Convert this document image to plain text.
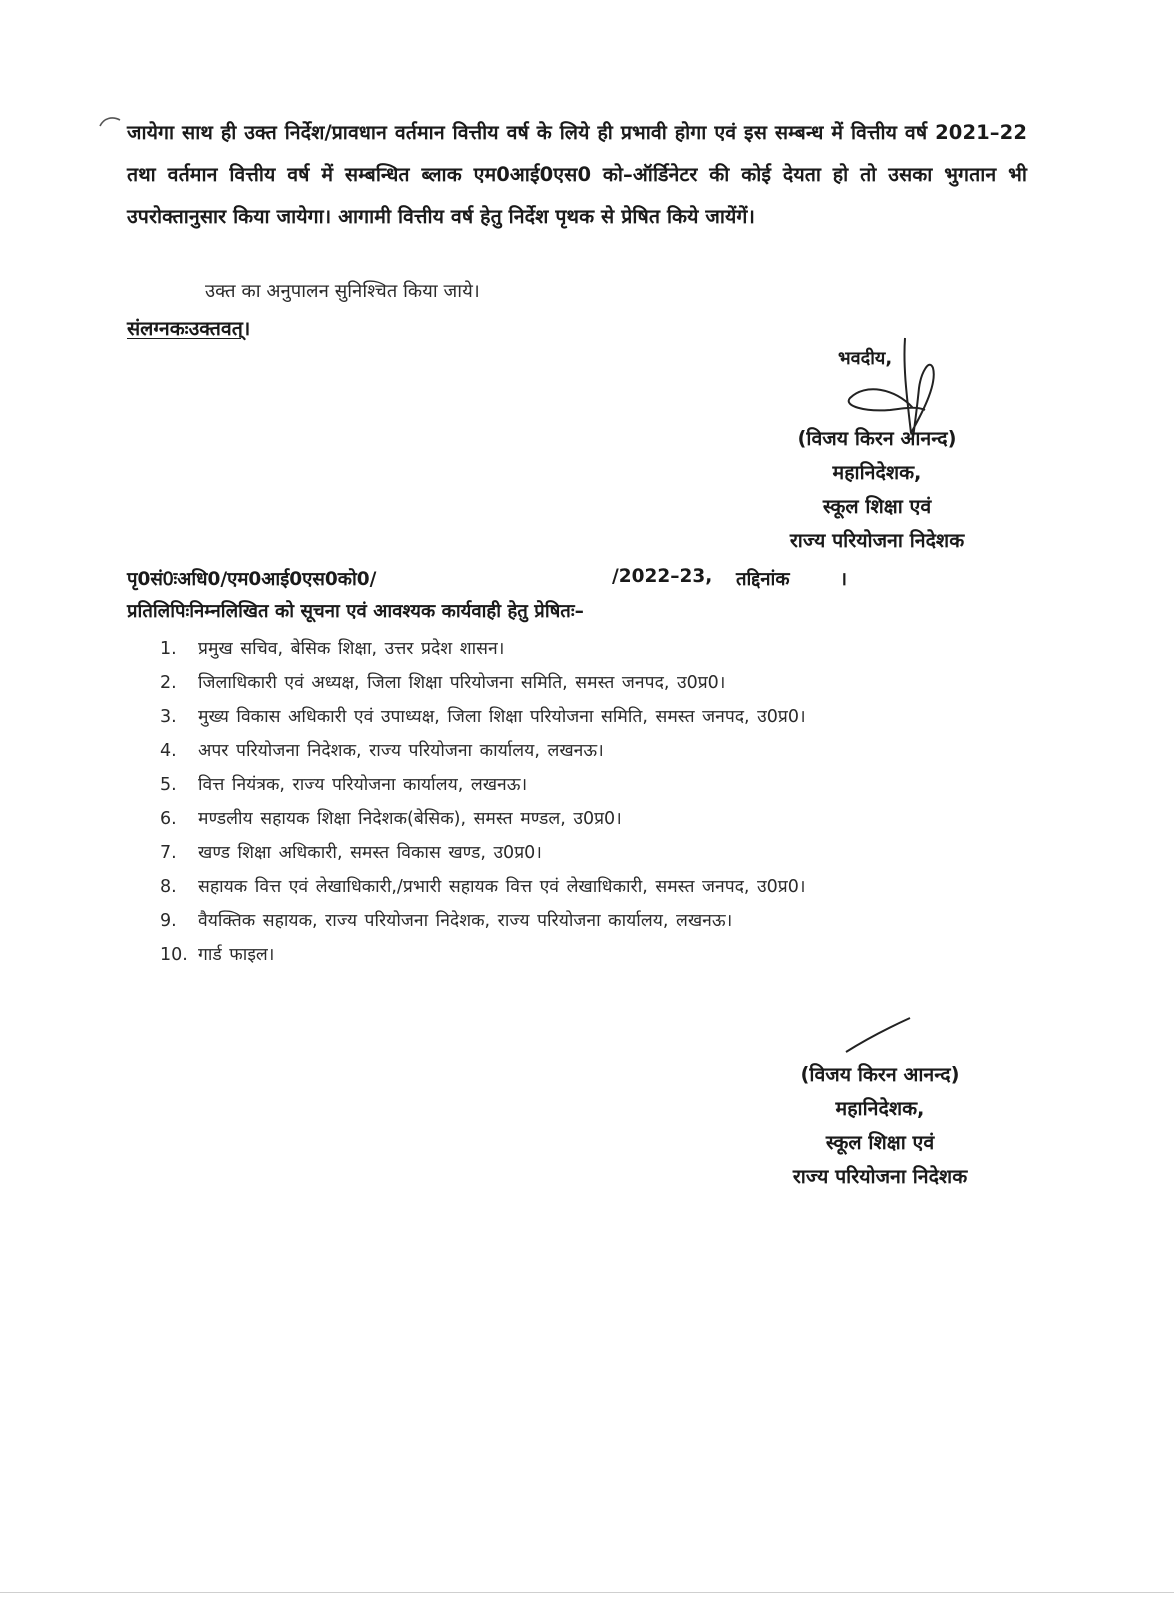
जायेगा साथ ही उक्त निर्देश/प्रावधान वर्तमान वित्तीय वर्ष के लिये ही प्रभावी होगा एवं इस सम्बन्ध में वित्तीय वर्ष 2021–22 तथा वर्तमान वित्तीय वर्ष में सम्बन्धित ब्लाक एम0आई0एस0 को–ऑर्डिनेटर की कोई देयता हो तो उसका भुगतान भी उपरोक्तानुसार किया जायेगा। आगामी वित्तीय वर्ष हेतु निर्देश पृथक से प्रेषित किये जायेंगें।
उक्त का अनुपालन सुनिश्चित किया जाये।
संलग्नकःउक्तवत्।
भवदीय,
(विजय किरन आनन्द)
महानिदेशक,
स्कूल शिक्षा एवं
राज्य परियोजना निदेशक
पृ0सं0ःअधि0/एम0आई0एस0को0/	/2022–23, तद्दिनांक	।
प्रतिलिपिःनिम्नलिखित को सूचना एवं आवश्यक कार्यवाही हेतु प्रेषितः–
1.	प्रमुख सचिव, बेसिक शिक्षा, उत्तर प्रदेश शासन।
2.	जिलाधिकारी एवं अध्यक्ष, जिला शिक्षा परियोजना समिति, समस्त जनपद, उ0प्र0।
3.	मुख्य विकास अधिकारी एवं उपाध्यक्ष, जिला शिक्षा परियोजना समिति, समस्त जनपद, उ0प्र0।
4.	अपर परियोजना निदेशक, राज्य परियोजना कार्यालय, लखनऊ।
5.	वित्त नियंत्रक, राज्य परियोजना कार्यालय, लखनऊ।
6.	मण्डलीय सहायक शिक्षा निदेशक(बेसिक), समस्त मण्डल, उ0प्र0।
7.	खण्ड शिक्षा अधिकारी, समस्त विकास खण्ड, उ0प्र0।
8.	सहायक वित्त एवं लेखाधिकारी,/प्रभारी सहायक वित्त एवं लेखाधिकारी, समस्त जनपद, उ0प्र0।
9.	वैयक्तिक सहायक, राज्य परियोजना निदेशक, राज्य परियोजना कार्यालय, लखनऊ।
10. गार्ड फाइल।
(विजय किरन आनन्द)
महानिदेशक,
स्कूल शिक्षा एवं
राज्य परियोजना निदेशक
